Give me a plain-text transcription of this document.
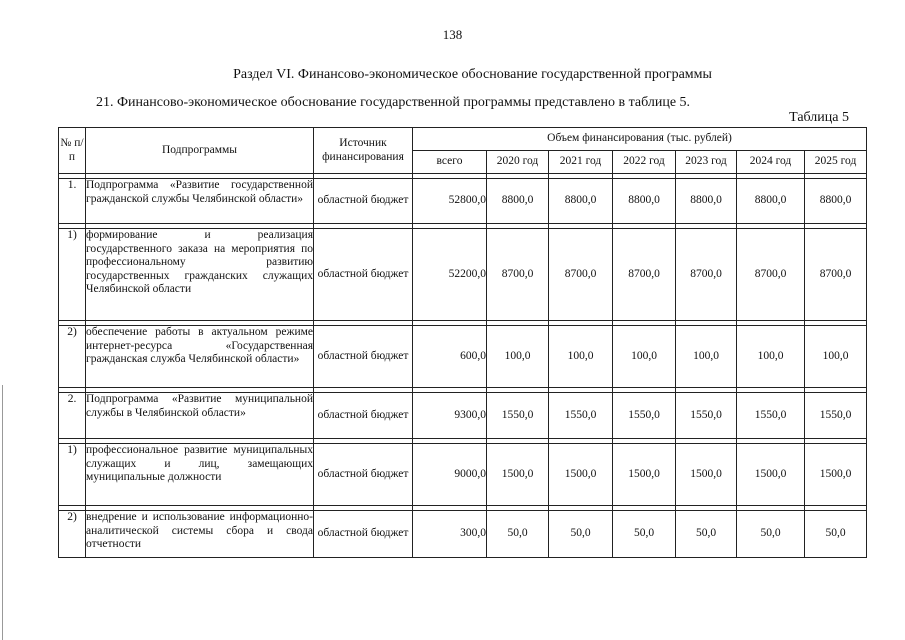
138
Раздел VI. Финансово-экономическое обоснование государственной программы
21. Финансово-экономическое обоснование государственной программы представлено в таблице 5.
Таблица 5
№ п/п	Подпрограммы	Источник финансирования	Объем финансирования (тыс. рублей)						
			всего	2020 год	2021 год	2022 год	2023 год	2024 год	2025 год

1.	Подпрограмма «Развитие государственной гражданской службы Челябинской области»	областной бюджет	52800,0	8800,0	8800,0	8800,0	8800,0	8800,0	8800,0

1)	формирование и реализация государственного заказа на мероприятия по профессиональному развитию государственных гражданских служащих Челябинской области	областной бюджет	52200,0	8700,0	8700,0	8700,0	8700,0	8700,0	8700,0

2)	обеспечение работы в актуальном режиме интернет-ресурса «Государственная гражданская служба Челябинской области»	областной бюджет	600,0	100,0	100,0	100,0	100,0	100,0	100,0

2.	Подпрограмма «Развитие муниципальной службы в Челябинской области»	областной бюджет	9300,0	1550,0	1550,0	1550,0	1550,0	1550,0	1550,0

1)	профессиональное развитие муниципальных служащих и лиц, замещающих муниципальные должности	областной бюджет	9000,0	1500,0	1500,0	1500,0	1500,0	1500,0	1500,0

2)	внедрение и использование информационно-аналитической системы сбора и свода отчетности	областной бюджет	300,0	50,0	50,0	50,0	50,0	50,0	50,0
